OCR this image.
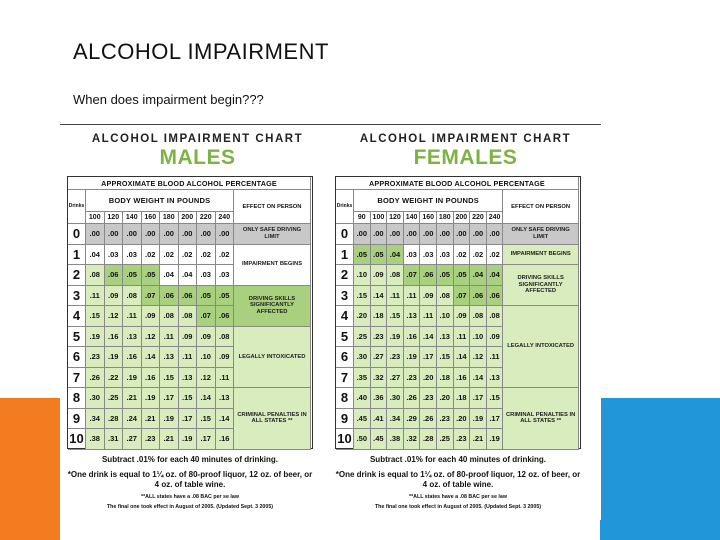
ALCOHOL IMPAIRMENT
When does impairment begin???
ALCOHOL IMPAIRMENT CHART
MALES
APPROXIMATE BLOOD ALCOHOL PERCENTAGE
Drinks
BODY WEIGHT IN POUNDS
EFFECT ON PERSON
100 120 140 160 180 200 220 240
0	.00	.00	.00	.00	.00	.00	.00	.00
1	.04	.03	.03	.02	.02	.02	.02	.02
2	.08	.06	.05	.05	.04	.04	.03	.03
3	.11	.09	.08	.07	.06	.06	.05	.05
4	.15	.12	.11	.09	.08	.08	.07	.06
5	.19	.16	.13	.12	.11	.09	.09	.08
6	.23	.19	.16	.14	.13	.11	.10	.09
7	.26	.22	.19	.16	.15	.13	.12	.11
8	.30	.25	.21	.19	.17	.15	.14	.13
9	.34	.28	.24	.21	.19	.17	.15	.14
10 .38	.31	.27	.23	.21	.19	.17	.16
ONLY SAFE DRIVING LIMIT
IMPAIRMENT BEGINS
DRIVING SKILLS SIGNIFICANTLY AFFECTED
LEGALLY INTOXICATED
CRIMINAL PENALTIES IN ALL STATES **
Subtract .01% for each 40 minutes of drinking.
*One drink is equal to 1¼ oz. of 80-proof liquor, 12 oz. of beer, or 4 oz. of table wine.
**ALL states have a .08 BAC per se law
The final one took effect in August of 2005. (Updated Sept. 3 2005)
ALCOHOL IMPAIRMENT CHART
FEMALES
APPROXIMATE BLOOD ALCOHOL PERCENTAGE
Drinks
BODY WEIGHT IN POUNDS
EFFECT ON PERSON
90 100 120 140 160 180 200 220 240
0	.00 .00 .00 .00 .00 .00 .00 .00 .00
1	.05 .05 .04 .03 .03 .03 .02 .02 .02
2	.10 .09 .08 .07 .06 .05 .05 .04 .04
3	.15 .14 .11 .11 .09 .08 .07 .06 .06
4	.20 .18 .15 .13 .11 .10 .09 .08 .08
5	.25 .23 .19 .16 .14 .13 .11 .10 .09
6	.30 .27 .23 .19 .17 .15 .14 .12 .11
7	.35 .32 .27 .23 .20 .18 .16 .14 .13
8	.40 .36 .30 .26 .23 .20 .18 .17 .15
9	.45 .41 .34 .29 .26 .23 .20 .19 .17
10 .50 .45 .38 .32 .28 .25 .23 .21 .19
ONLY SAFE DRIVING LIMIT
IMPAIRMENT BEGINS
DRIVING SKILLS SIGNIFICANTLY AFFECTED
LEGALLY INTOXICATED
CRIMINAL PENALTIES IN ALL STATES **
Subtract .01% for each 40 minutes of drinking.
*One drink is equal to 1¼ oz. of 80-proof liquor, 12 oz. of beer, or 4 oz. of table wine.
**ALL states have a .08 BAC per se law
The final one took effect in August of 2005. (Updated Sept. 3 2005)
